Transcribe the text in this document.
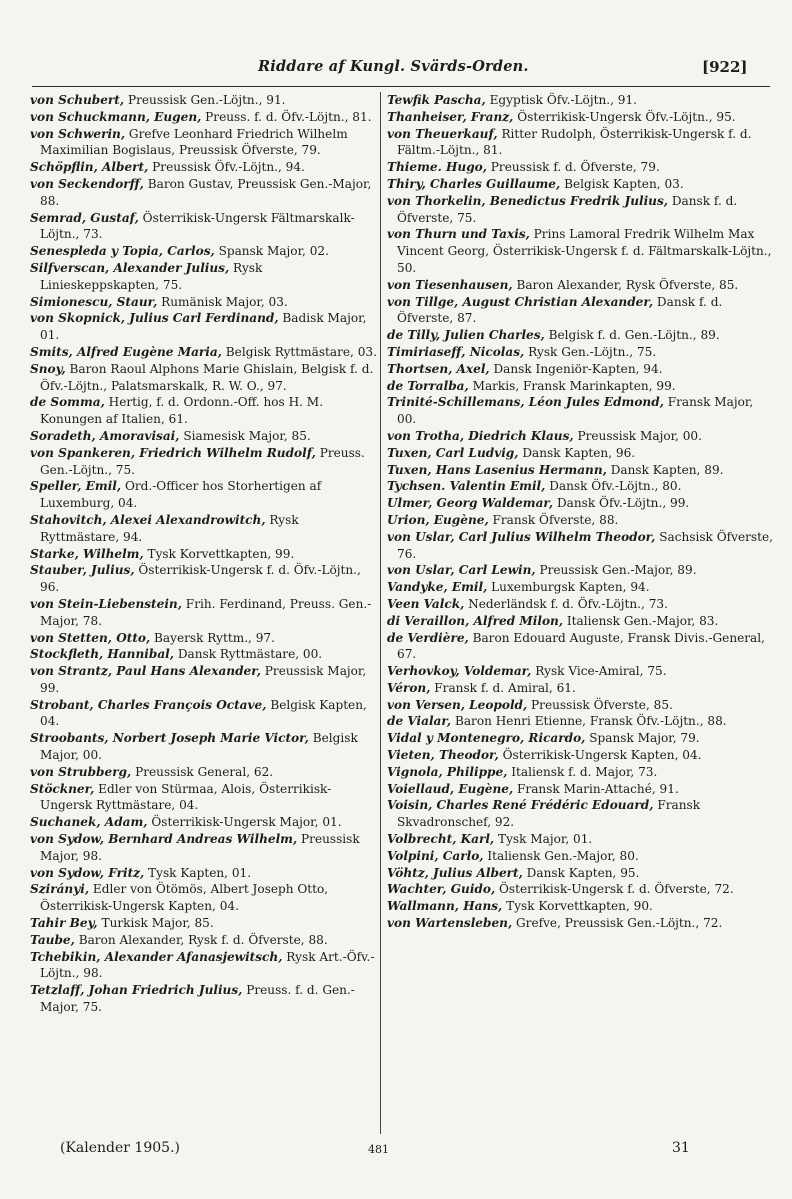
Riddare af Kungl. Svärds-Orden.	[922]

von Schubert, Preussisk Gen.-Löjtn., 91.

von Schuckmann, Eugen, Preuss. f. d. Öfv.-Löjtn., 81.

von Schwerin, Grefve Leonhard Friedrich Wilhelm Maximilian Bogislaus, Preussisk Öfverste, 79.

Schöpflin, Albert, Preussisk Öfv.-Löjtn., 94.

von Seckendorff, Baron Gustav, Preussisk Gen.-Major, 88.

Semrad, Gustaf, Österrikisk-Ungersk Fältmarskalk-Löjtn., 73.

Senespleda y Topia, Carlos, Spansk Major, 02.

Silfverscan, Alexander Julius, Rysk Linieskeppskapten, 75.

Simionescu, Staur, Rumänisk Major, 03.

von Skopnick, Julius Carl Ferdinand, Badisk Major, 01.

Smits, Alfred Eugène Maria, Belgisk Ryttmästare, 03.

Snoy, Baron Raoul Alphons Marie Ghislain, Belgisk f. d. Öfv.-Löjtn., Palatsmarskalk, R. W. O., 97.

de Somma, Hertig, f. d. Ordonn.-Off. hos H. M. Konungen af Italien, 61.

Soradeth, Amoravisai, Siamesisk Major, 85.

von Spankeren, Friedrich Wilhelm Rudolf, Preuss. Gen.-Löjtn., 75.

Speller, Emil, Ord.-Officer hos Storhertigen af Luxemburg, 04.

Stahovitch, Alexei Alexandrowitch, Rysk Ryttmästare, 94.

Starke, Wilhelm, Tysk Korvettkapten, 99.

Stauber, Julius, Österrikisk-Ungersk f. d. Öfv.-Löjtn., 96.

von Stein-Liebenstein, Frih. Ferdinand, Preuss. Gen.-Major, 78.

von Stetten, Otto, Bayersk Ryttm., 97.

Stockfleth, Hannibal, Dansk Ryttmästare, 00.

von Strantz, Paul Hans Alexander, Preussisk Major, 99.

Strobant, Charles François Octave, Belgisk Kapten, 04.

Stroobants, Norbert Joseph Marie Victor, Belgisk Major, 00.

von Strubberg, Preussisk General, 62.

Stöckner, Edler von Stürmaa, Alois, Österrikisk-Ungersk Ryttmästare, 04.

Suchanek, Adam, Österrikisk-Ungersk Major, 01.

von Sydow, Bernhard Andreas Wilhelm, Preussisk Major, 98.

von Sydow, Fritz, Tysk Kapten, 01.

Szirányi, Edler von Ötömös, Albert Joseph Otto, Österrikisk-Ungersk Kapten, 04.

Tahir Bey, Turkisk Major, 85.

Taube, Baron Alexander, Rysk f. d. Öfverste, 88.

Tchebikin, Alexander Afanasjewitsch, Rysk Art.-Öfv.-Löjtn., 98.

Tetzlaff, Johan Friedrich Julius, Preuss. f. d. Gen.-Major, 75.

Tewfik Pascha, Egyptisk Öfv.-Löjtn., 91.

Thanheiser, Franz, Österrikisk-Ungersk Öfv.-Löjtn., 95.

von Theuerkauf, Ritter Rudolph, Österrikisk-Ungersk f. d. Fältm.-Löjtn., 81.

Thieme. Hugo, Preussisk f. d. Öfverste, 79.

Thiry, Charles Guillaume, Belgisk Kapten, 03.

von Thorkelin, Benedictus Fredrik Julius, Dansk f. d. Öfverste, 75.

von Thurn und Taxis, Prins Lamoral Fredrik Wilhelm Max Vincent Georg, Österrikisk-Ungersk f. d. Fältmarskalk-Löjtn., 50.

von Tiesenhausen, Baron Alexander, Rysk Öfverste, 85.

von Tillge, August Christian Alexander, Dansk f. d. Öfverste, 87.

de Tilly, Julien Charles, Belgisk f. d. Gen.-Löjtn., 89.

Timiriaseff, Nicolas, Rysk Gen.-Löjtn., 75.

Thortsen, Axel, Dansk Ingeniör-Kapten, 94.

de Torralba, Markis, Fransk Marinkapten, 99.

Trinité-Schillemans, Léon Jules Edmond, Fransk Major, 00.

von Trotha, Diedrich Klaus, Preussisk Major, 00.

Tuxen, Carl Ludvig, Dansk Kapten, 96.

Tuxen, Hans Lasenius Hermann, Dansk Kapten, 89.

Tychsen. Valentin Emil, Dansk Öfv.-Löjtn., 80.

Ulmer, Georg Waldemar, Dansk Öfv.-Löjtn., 99.

Urion, Eugène, Fransk Öfverste, 88.

von Uslar, Carl Julius Wilhelm Theodor, Sachsisk Öfverste, 76.

von Uslar, Carl Lewin, Preussisk Gen.-Major, 89.

Vandyke, Emil, Luxemburgsk Kapten, 94.

Veen Valck, Nederländsk f. d. Öfv.-Löjtn., 73.

di Veraillon, Alfred Milon, Italiensk Gen.-Major, 83.

de Verdière, Baron Edouard Auguste, Fransk Divis.-General, 67.

Verhovkoy, Voldemar, Rysk Vice-Amiral, 75.

Véron, Fransk f. d. Amiral, 61.

von Versen, Leopold, Preussisk Öfverste, 85.

de Vialar, Baron Henri Etienne, Fransk Öfv.-Löjtn., 88.

Vidal y Montenegro, Ricardo, Spansk Major, 79.

Vieten, Theodor, Österrikisk-Ungersk Kapten, 04.

Vignola, Philippe, Italiensk f. d. Major, 73.

Voiellaud, Eugène, Fransk Marin-Attaché, 91.

Voisin, Charles René Frédéric Edouard, Fransk Skvadronschef, 92.

Volbrecht, Karl, Tysk Major, 01.

Volpini, Carlo, Italiensk Gen.-Major, 80.

Vöhtz, Julius Albert, Dansk Kapten, 95.

Wachter, Guido, Österrikisk-Ungersk f. d. Öfverste, 72.

Wallmann, Hans, Tysk Korvettkapten, 90.

von Wartensleben, Grefve, Preussisk Gen.-Löjtn., 72.

(Kalender 1905.)	481	31
